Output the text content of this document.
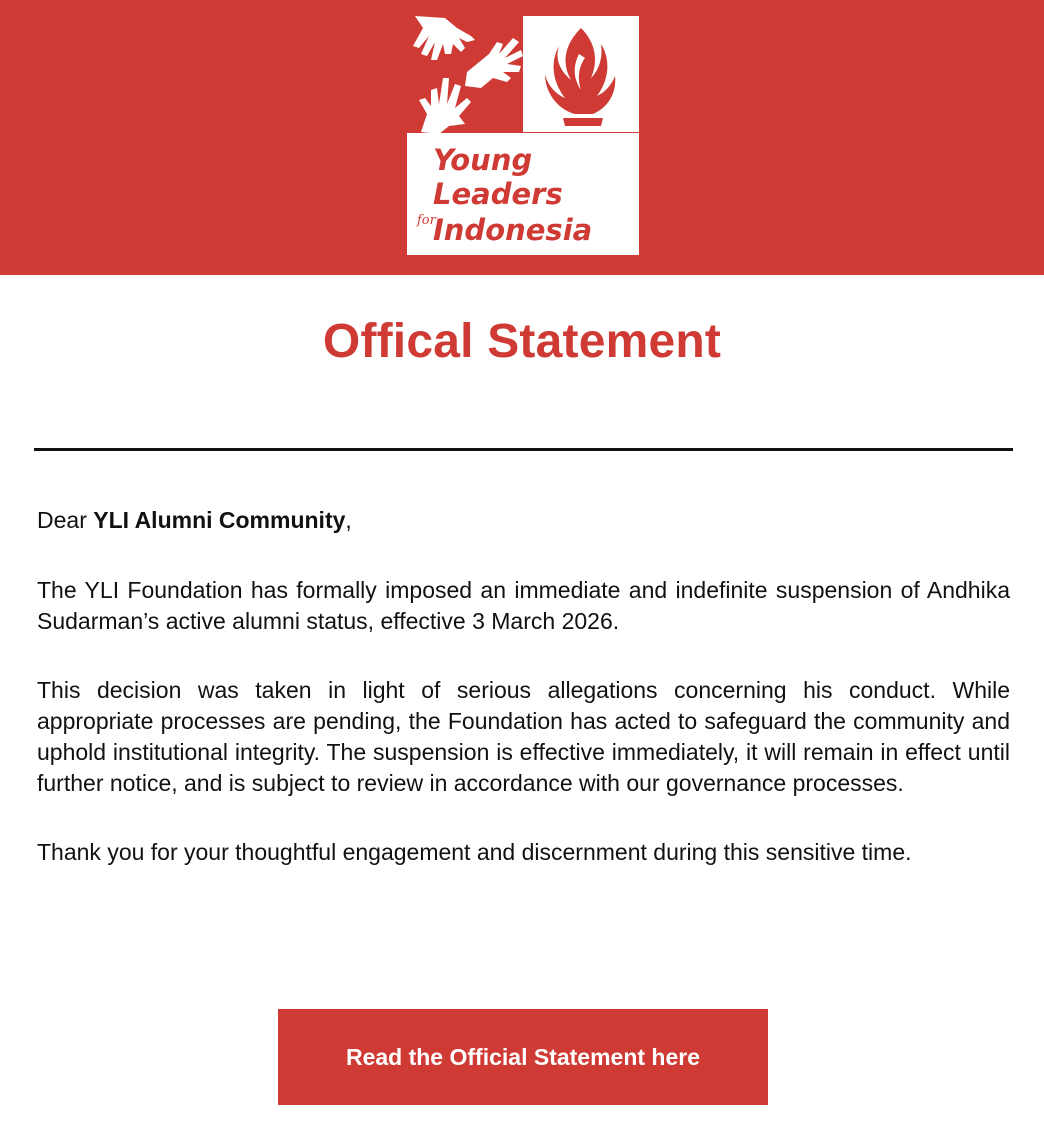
Young
Leaders
for
Indonesia
Offical Statement

Dear YLI Alumni Community,

The YLI Foundation has formally imposed an immediate and indefinite suspension of Andhika Sudarman’s active alumni status, effective 3 March 2026.

This decision was taken in light of serious allegations concerning his conduct. While appropriate processes are pending, the Foundation has acted to safeguard the community and uphold institutional integrity. The suspension is effective immediately, it will remain in effect until further notice, and is subject to review in accordance with our governance processes.

Thank you for your thoughtful engagement and discernment during this sensitive time.

Read the Official Statement here
